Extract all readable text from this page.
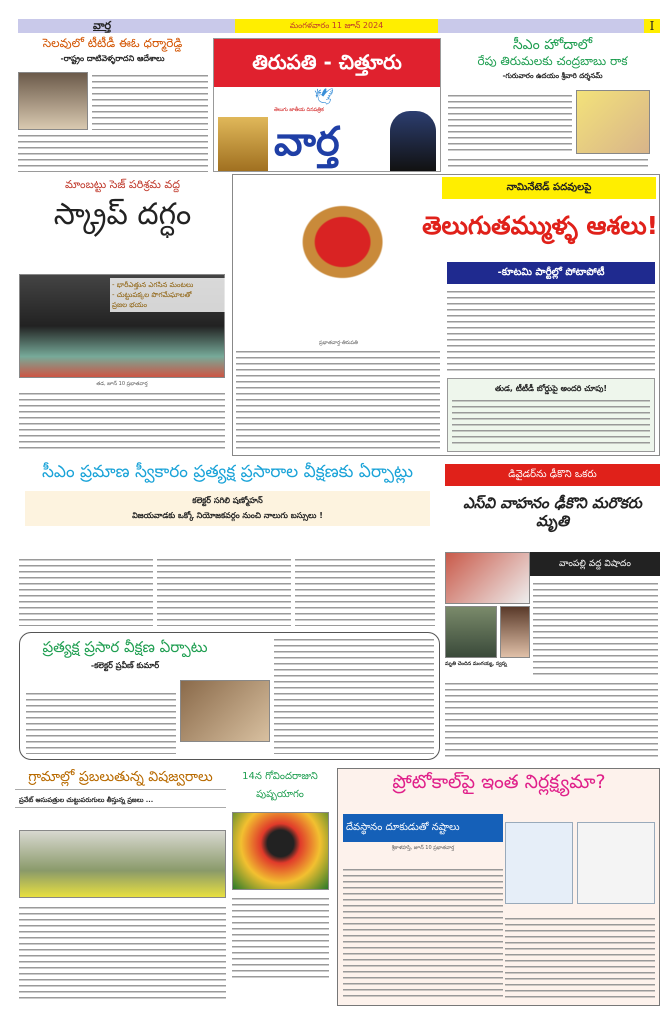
వార్త	మంగళవారం 11 జూన్ 2024	I
సెలవులో టీటీడీ ఈఓ ధర్మారెడ్డి
-రాష్ట్రం దాటివెళ్ళరాదని ఆదేశాలు	తిరుపతి - చిత్తూరు
🕊
తెలుగు జాతీయ దినపత్రిక
వార్త
సీఎం హోదాలో
రేపు తిరుమలకు చంద్రబాబు రాక
-గురువారం ఉదయం శ్రీవారి దర్శనమ్
మాంబట్టు సెజ్ పరిశ్రమ వద్ద
స్క్రాప్ దగ్ధం
- భారీఎత్తున ఎగసిన మంటలు
- చుట్టుపక్కల పొగమేఘాలతో
ప్రజల భయం
తడ, జూన్ 10 ప్రభాతవార్త
ప్రభాతవార్త-తిరుపతి
నామినేటెడ్ పదవులపై
తెలుగుతమ్ముళ్ళ ఆశలు!
-కూటమి పార్టీల్లో పోటాపోటీ
తుడ, టీటీడీ బోర్డుపై అందరి చూపు!
సీఎం ప్రమాణ స్వీకారం ప్రత్యక్ష ప్రసారాల వీక్షణకు ఏర్పాట్లు
కలెక్టర్ సగిలి షణ్మోహన్
విజయవాడకు ఒక్కో నియోజకవర్గం నుంచి నాలుగు బస్సులు !
ప్రత్యక్ష ప్రసార వీక్షణ ఏర్పాటు
-కలెక్టర్ ప్రవీణ్ కుమార్
డివైడర్‌ను ఢీకొని ఒకరు
ఎస్‌వి వాహనం ఢీకొని మరొకరు మృతి
వాంపల్లి వద్ద విషాదం
మృతి చెందిన మంగయ్య, స్వప్న
గ్రామాల్లో ప్రబలుతున్న విషజ్వరాలు
ప్రవేట్ ఆసుపత్రుల చుట్టుపరుగులు తీస్తున్న ప్రజలు ...
14న గోవిందరాజుని పుష్పయాగం
ప్రోటోకాల్‌పై ఇంత నిర్లక్ష్యమా?
దేవస్థానం దూకుడుతో నష్టాలు
శ్రీకాళహస్తి, జూన్ 10 ప్రభాతవార్త
